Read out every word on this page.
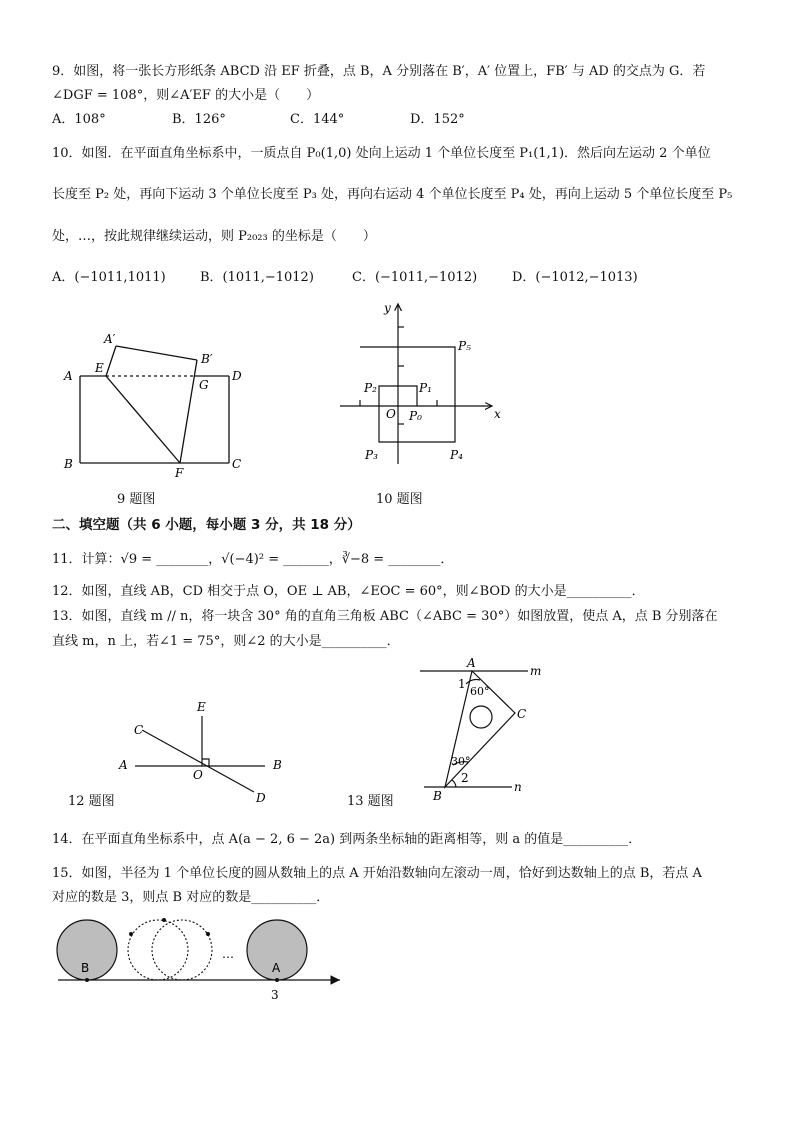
9．如图，将一张长方形纸条 ABCD 沿 EF 折叠，点 B，A 分别落在 B′，A′ 位置上，FB′ 与 AD 的交点为 G．若
∠DGF = 108°，则∠A′EF 的大小是（　　）
A．108°	B．126°	C．144°	D．152°
10．如图．在平面直角坐标系中，一质点自 P₀(1,0) 处向上运动 1 个单位长度至 P₁(1,1)．然后向左运动 2 个单位
长度至 P₂ 处，再向下运动 3 个单位长度至 P₃ 处，再向右运动 4 个单位长度至 P₄ 处，再向上运动 5 个单位长度至 P₅
处，…，按此规律继续运动，则 P₂₀₂₃ 的坐标是（　　）
A．(−1011,1011)	B．(1011,−1012)	C．(−1011,−1012)	D．(−1012,−1013)
A
B	C
D
E
F
G
A′
B′
9 题图
x
y
O P₀
P₁
P₂
P₃	P₄
P₅
10 题图
二、填空题（共 6 小题，每小题 3 分，共 18 分）
11．计算：√9 = ________，√(−4)² = _______，∛−8 = ________．
12．如图，直线 AB，CD 相交于点 O，OE ⊥ AB，∠EOC = 60°，则∠BOD 的大小是__________．
13．如图，直线 m // n，将一块含 30° 角的直角三角板 ABC（∠ABC = 30°）如图放置，使点 A，点 B 分别落在
直线 m，n 上，若∠1 = 75°，则∠2 的大小是__________．
A	B
C
D
E
O
12 题图
A
B
C
m
n
1
60°
30°
2
13 题图
14．在平面直角坐标系中，点 A(a − 2, 6 − 2a) 到两条坐标轴的距离相等，则 a 的值是__________．
15．如图，半径为 1 个单位长度的圆从数轴上的点 A 开始沿数轴向左滚动一周，恰好到达数轴上的点 B，若点 A
对应的数是 3，则点 B 对应的数是__________．
B	A
…
3
